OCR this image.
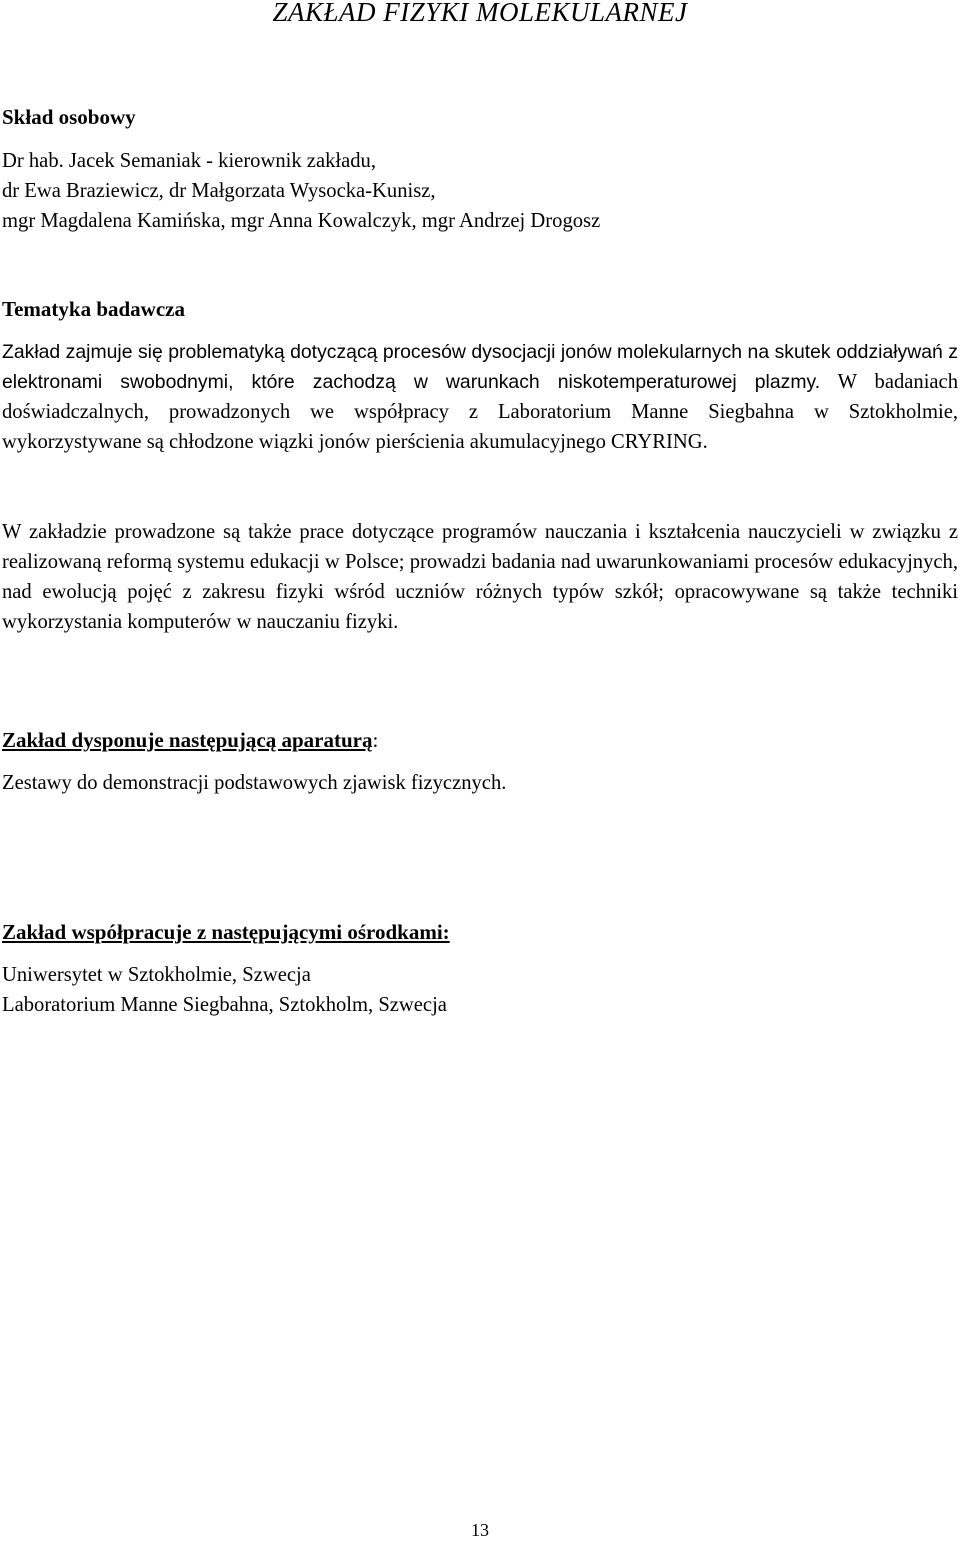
ZAKŁAD FIZYKI MOLEKULARNEJ
Skład osobowy
Dr hab. Jacek Semaniak - kierownik zakładu,
dr Ewa Braziewicz, dr Małgorzata Wysocka-Kunisz,
mgr Magdalena Kamińska, mgr Anna Kowalczyk, mgr Andrzej Drogosz
Tematyka badawcza

Zakład zajmuje się problematyką dotyczącą procesów dysocjacji jonów molekularnych na skutek oddziaływań z elektronami swobodnymi, które zachodzą w warunkach niskotemperaturowej plazmy. W badaniach doświadczalnych, prowadzonych we współpracy z Laboratorium Manne Siegbahna w Sztokholmie, wykorzystywane są chłodzone wiązki jonów pierścienia akumulacyjnego CRYRING.

W zakładzie prowadzone są także prace dotyczące programów nauczania i kształcenia nauczycieli w związku z realizowaną reformą systemu edukacji w Polsce; prowadzi badania nad uwarunkowaniami procesów edukacyjnych, nad ewolucją pojęć z zakresu fizyki wśród uczniów różnych typów szkół; opracowywane są także techniki wykorzystania komputerów w nauczaniu fizyki.

Zakład dysponuje następującą aparaturą:
Zestawy do demonstracji podstawowych zjawisk fizycznych.
Zakład współpracuje z następującymi ośrodkami:
Uniwersytet w Sztokholmie, Szwecja
Laboratorium Manne Siegbahna, Sztokholm, Szwecja
13
